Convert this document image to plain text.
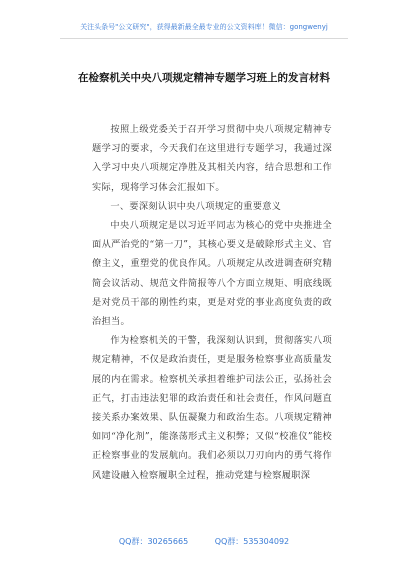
关注头条号"公文研究"，获得最新最全最专业的公文资料库！微信：gongwenyj
在检察机关中央八项规定精神专题学习班上的发言材料

按照上级党委关于召开学习贯彻中央八项规定精神专题学习的要求，今天我们在这里进行专题学习，我通过深入学习中央八项规定净胜及其相关内容，结合思想和工作实际，现将学习体会汇报如下。

一、要深刻认识中央八项规定的重要意义

中央八项规定是以习近平同志为核心的党中央推进全面从严治党的“第一刀”，其核心要义是破除形式主义、官僚主义，重塑党的优良作风。八项规定从改进调查研究精简会议活动、规范文件简报等八个方面立规矩、明底线既是对党员干部的刚性约束，更是对党的事业高度负责的政治担当。

作为检察机关的干警，我深刻认识到，贯彻落实八项规定精神，不仅是政治责任，更是服务检察事业高质量发展的内在需求。检察机关承担着维护司法公正，弘扬社会正气，打击违法犯罪的政治责任和社会责任，作风问题直接关系办案效果、队伍凝聚力和政治生态。八项规定精神如同“净化剂”，能涤荡形式主义积弊；又似“校准仪”能校正检察事业的发展航向。我们必须以刀刃向内的勇气将作风建设融入检察履职全过程，推动党建与检察履职深

QQ群：30265665	QQ群：535304092
